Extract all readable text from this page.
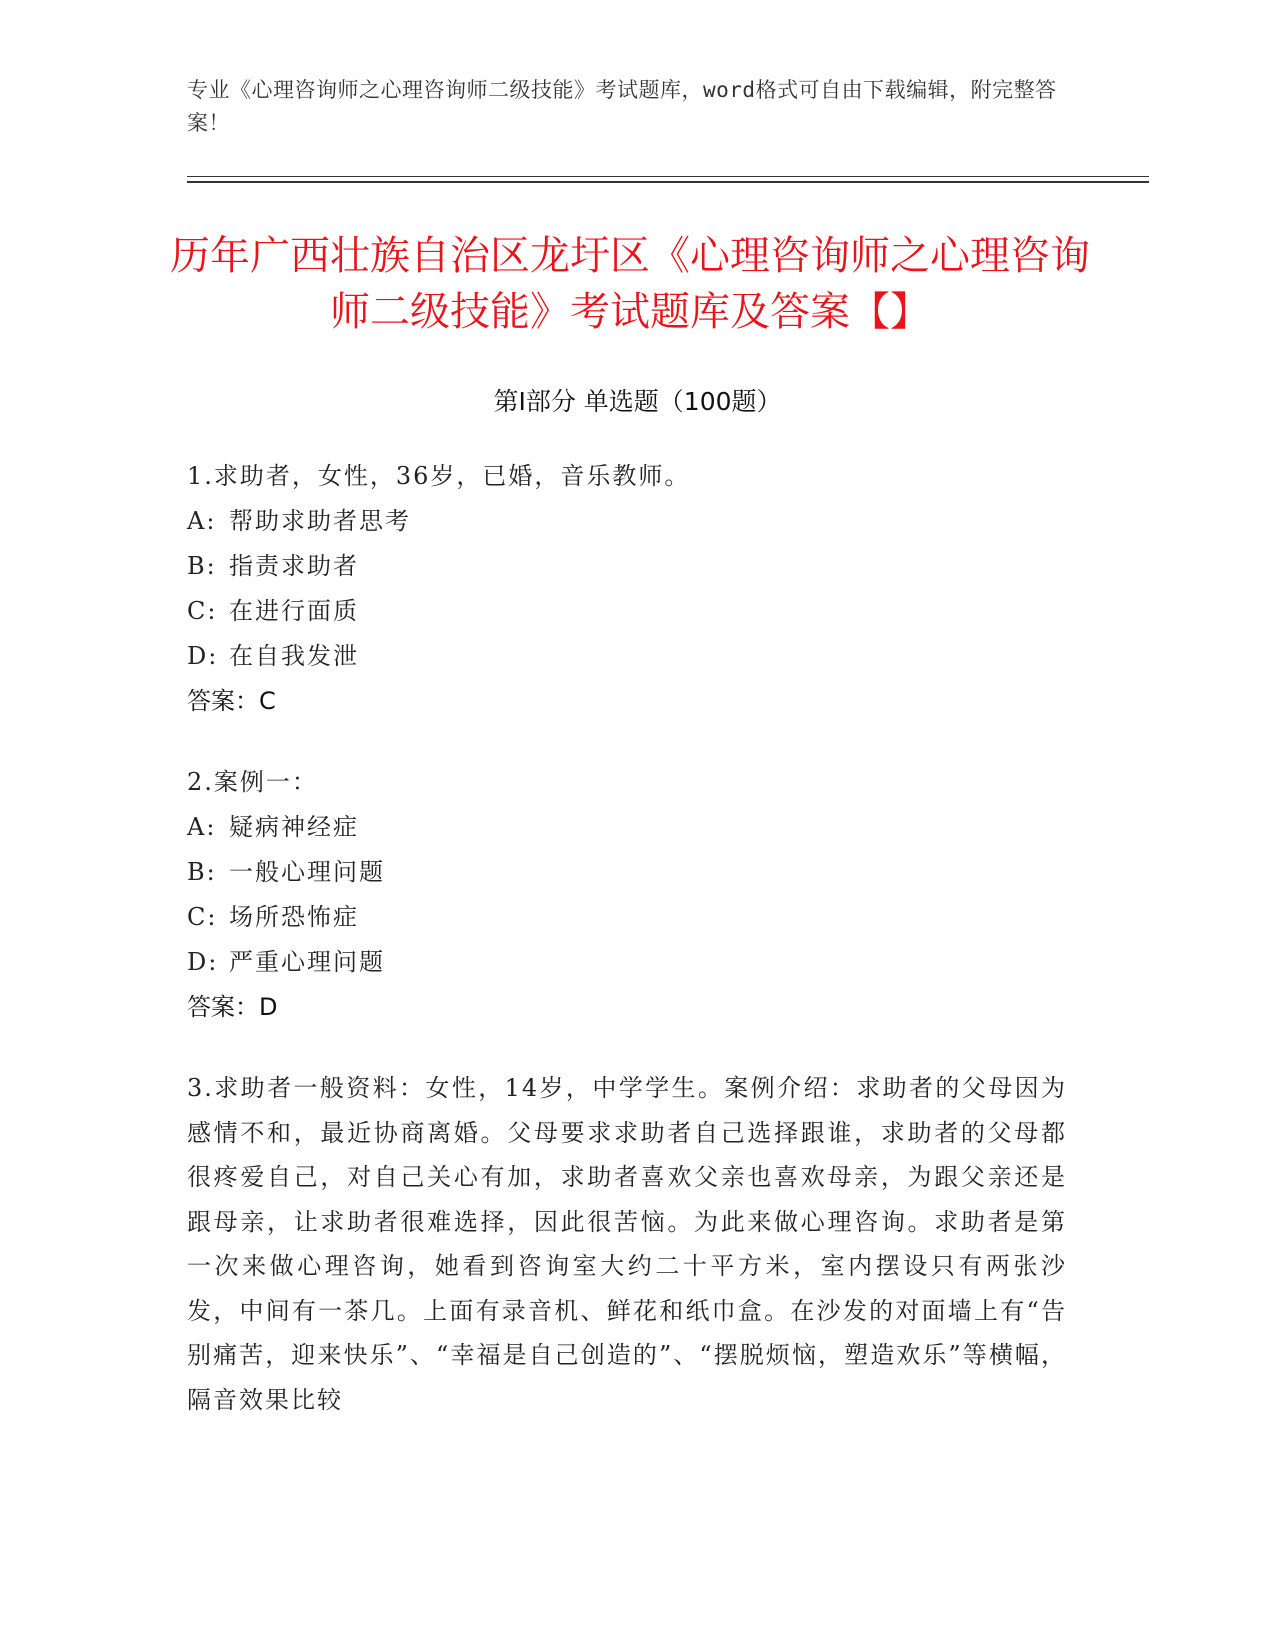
专业《心理咨询师之心理咨询师二级技能》考试题库，word格式可自由下载编辑，附完整答案！
历年广西壮族自治区龙圩区《心理咨询师之心理咨询师二级技能》考试题库及答案【】
第Ⅰ部分 单选题（100题）
1.求助者，女性，36岁，已婚，音乐教师。
A: 帮助求助者思考
B: 指责求助者
C: 在进行面质
D: 在自我发泄
答案：C
2.案例一：
A: 疑病神经症
B: 一般心理问题
C: 场所恐怖症
D: 严重心理问题
答案：D
3.求助者一般资料：女性，14岁，中学学生。案例介绍：求助者的父母因为感情不和，最近协商离婚。父母要求求助者自己选择跟谁，求助者的父母都很疼爱自己，对自己关心有加，求助者喜欢父亲也喜欢母亲，为跟父亲还是跟母亲，让求助者很难选择，因此很苦恼。为此来做心理咨询。求助者是第一次来做心理咨询，她看到咨询室大约二十平方米，室内摆设只有两张沙发，中间有一茶几。上面有录音机、鲜花和纸巾盒。在沙发的对面墙上有“告别痛苦，迎来快乐”、“幸福是自己创造的”、“摆脱烦恼，塑造欢乐”等横幅，隔音效果比较
